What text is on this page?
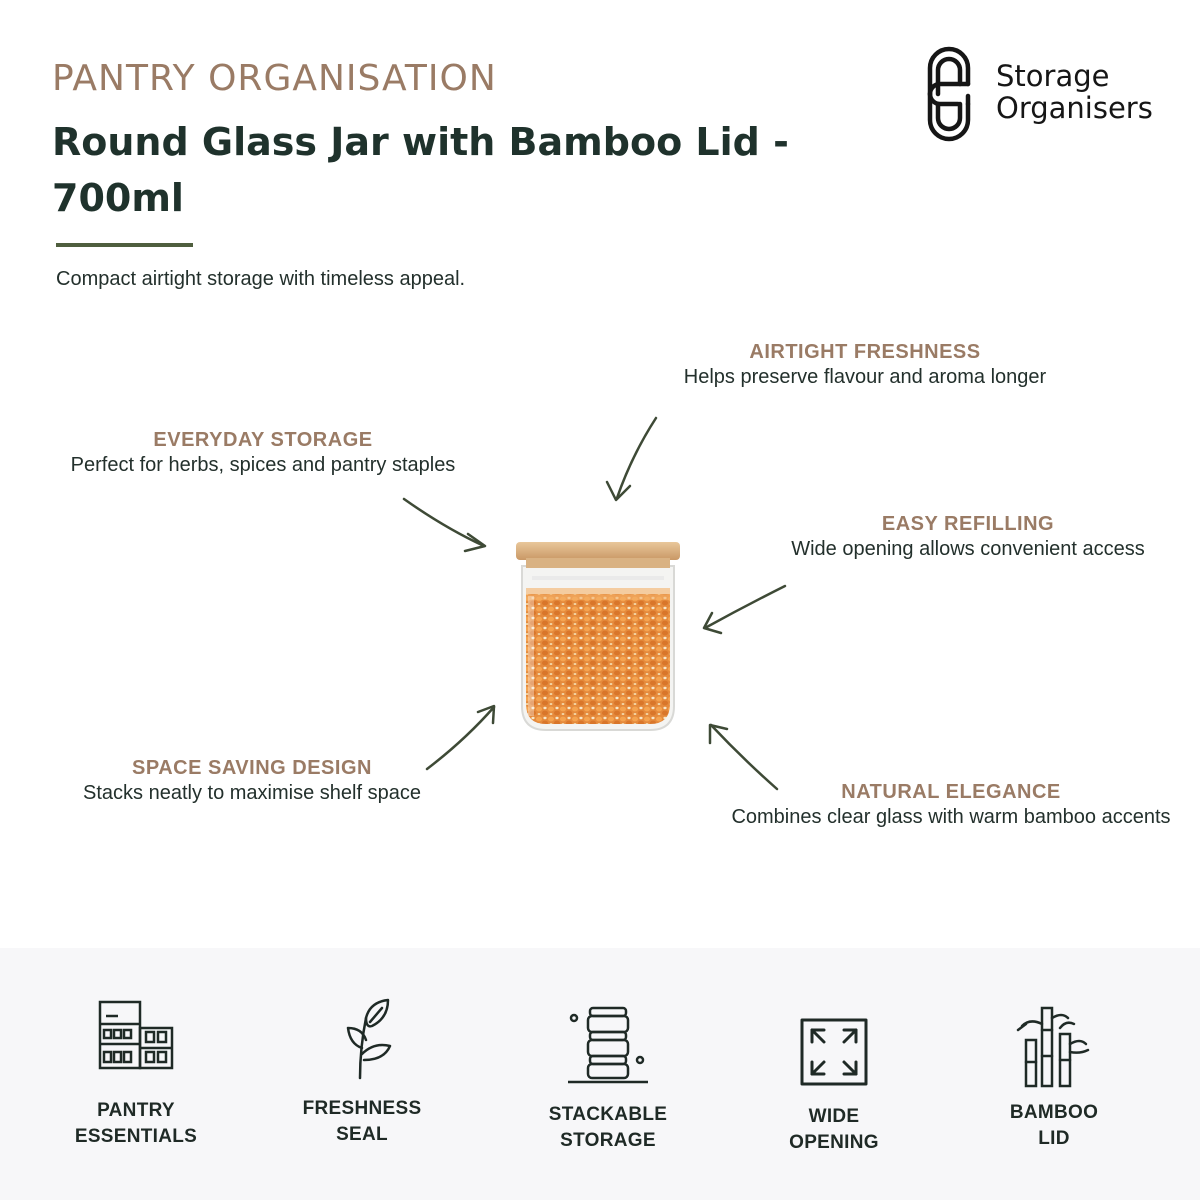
PANTRY ORGANISATION
Round Glass Jar with Bamboo Lid - 700ml

Compact airtight storage with timeless appeal.

Storage
Organisers
AIRTIGHT FRESHNESS
Helps preserve flavour and aroma longer
EVERYDAY STORAGE
Perfect for herbs, spices and pantry staples
EASY REFILLING
Wide opening allows convenient access
SPACE SAVING DESIGN
Stacks neatly to maximise shelf space	NATURAL ELEGANCE
Combines clear glass with warm bamboo accents
PANTRY
ESSENTIALS
FRESHNESS
SEAL
STACKABLE
STORAGE
WIDE
OPENING
BAMBOO
LID
